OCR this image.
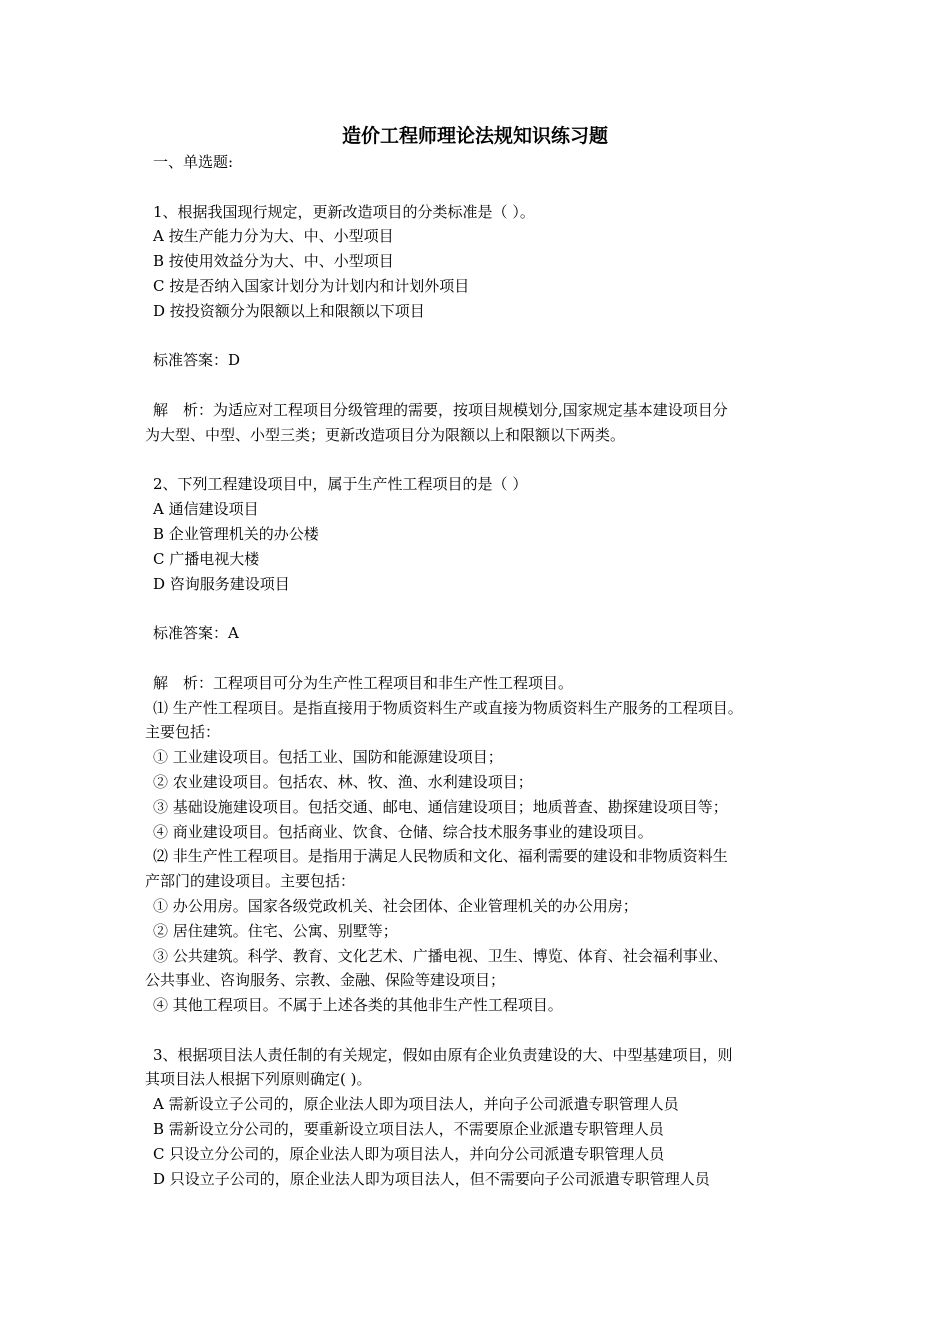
造价工程师理论法规知识练习题
一、单选题:
1、根据我国现行规定，更新改造项目的分类标准是（ ）。
A 按生产能力分为大、中、小型项目
B 按使用效益分为大、中、小型项目
C 按是否纳入国家计划分为计划内和计划外项目
D 按投资额分为限额以上和限额以下项目
标准答案：D
解　析：为适应对工程项目分级管理的需要，按项目规模划分,国家规定基本建设项目分
为大型、中型、小型三类；更新改造项目分为限额以上和限额以下两类。
2、下列工程建设项目中，属于生产性工程项目的是（ ）
A 通信建设项目
B 企业管理机关的办公楼
C 广播电视大楼
D 咨询服务建设项目
标准答案：A
解　析：工程项目可分为生产性工程项目和非生产性工程项目。
⑴ 生产性工程项目。是指直接用于物质资料生产或直接为物质资料生产服务的工程项目。
主要包括：
① 工业建设项目。包括工业、国防和能源建设项目；
② 农业建设项目。包括农、林、牧、渔、水利建设项目；
③ 基础设施建设项目。包括交通、邮电、通信建设项目；地质普查、勘探建设项目等；
④ 商业建设项目。包括商业、饮食、仓储、综合技术服务事业的建设项目。
⑵ 非生产性工程项目。是指用于满足人民物质和文化、福利需要的建设和非物质资料生
产部门的建设项目。主要包括：
① 办公用房。国家各级党政机关、社会团体、企业管理机关的办公用房；
② 居住建筑。住宅、公寓、别墅等；
③ 公共建筑。科学、教育、文化艺术、广播电视、卫生、博览、体育、社会福利事业、
公共事业、咨询服务、宗教、金融、保险等建设项目；
④ 其他工程项目。不属于上述各类的其他非生产性工程项目。
3、根据项目法人责任制的有关规定，假如由原有企业负责建设的大、中型基建项目，则
其项目法人根据下列原则确定( )。
A 需新设立子公司的，原企业法人即为项目法人，并向子公司派遣专职管理人员
B 需新设立分公司的，要重新设立项目法人，不需要原企业派遣专职管理人员
C 只设立分公司的，原企业法人即为项目法人，并向分公司派遣专职管理人员
D 只设立子公司的，原企业法人即为项目法人，但不需要向子公司派遣专职管理人员
